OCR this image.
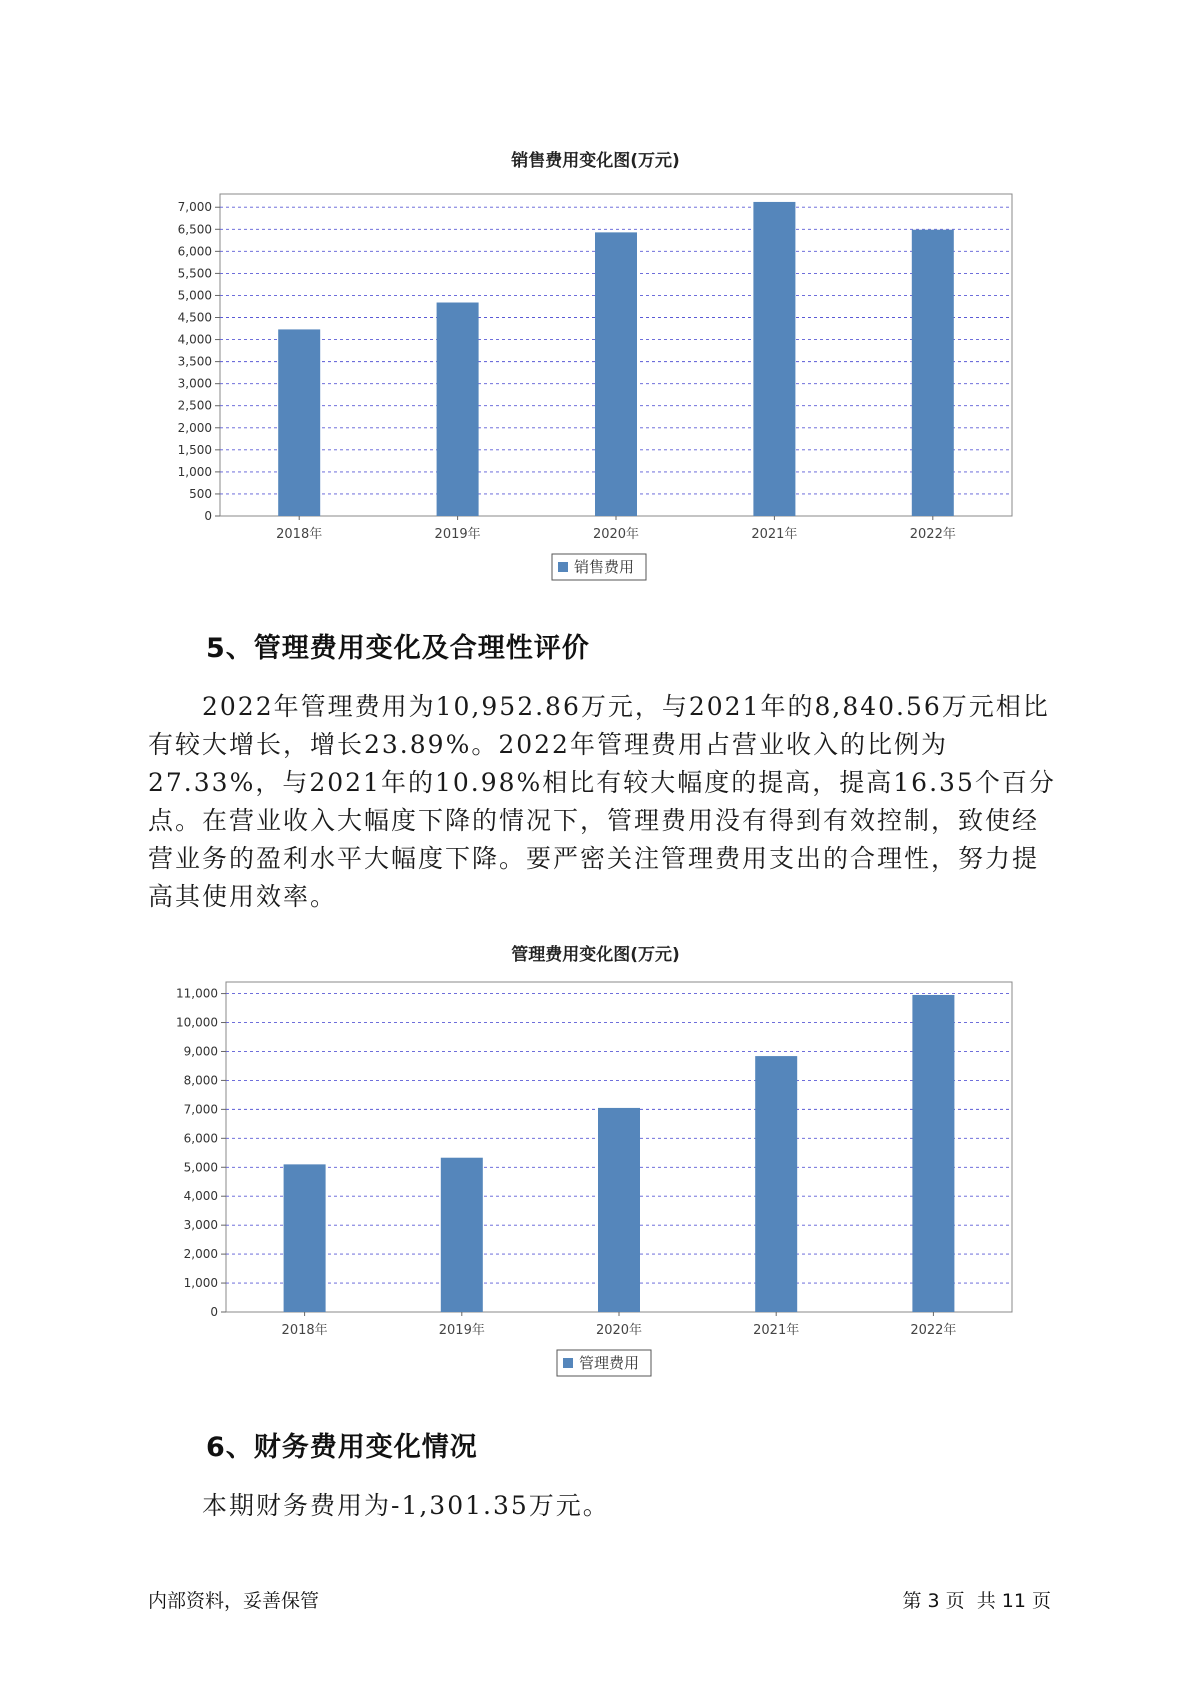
销售费用变化图(万元)
0
500
1,000
1,500
2,000
2,500
3,000
3,500
4,000
4,500
5,000
5,500
6,000
6,500
7,000
2018年	2019年	2020年	2021年	2022年
销售费用
5、管理费用变化及合理性评价

2022年管理费用为10,952.86万元，与2021年的8,840.56万元相比有较大增长，增长23.89%。2022年管理费用占营业收入的比例为27.33%，与2021年的10.98%相比有较大幅度的提高，提高16.35个百分点。在营业收入大幅度下降的情况下，管理费用没有得到有效控制，致使经营业务的盈利水平大幅度下降。要严密关注管理费用支出的合理性，努力提高其使用效率。

管理费用变化图(万元)
0
1,000
2,000
3,000
4,000
5,000
6,000
7,000
8,000
9,000
10,000
11,000
2018年	2019年	2020年	2021年	2022年
管理费用
6、财务费用变化情况

本期财务费用为-1,301.35万元。

内部资料，妥善保管	第 3 页  共 11 页
